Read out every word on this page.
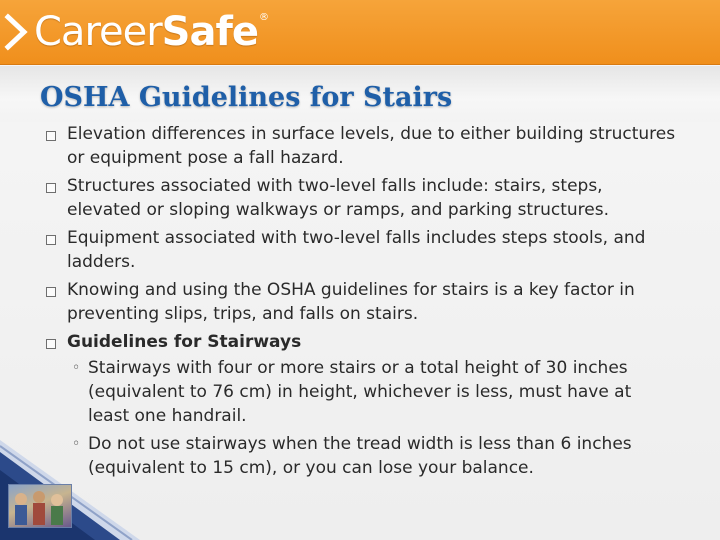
Career Safe ®
OSHA Guidelines for Stairs
Elevation differences in surface levels, due to either building structures or equipment pose a fall hazard.
Structures associated with two-level falls include: stairs, steps, elevated or sloping walkways or ramps, and parking structures.
Equipment associated with two-level falls includes steps stools, and ladders.
Knowing and using the OSHA guidelines for stairs is a key factor in preventing slips, trips, and falls on stairs.
Guidelines for Stairways
◦ Stairways with four or more stairs or a total height of 30 inches (equivalent to 76 cm) in height, whichever is less, must have at least one handrail.
◦ Do not use stairways when the tread width is less than 6 inches (equivalent to 15 cm), or you can lose your balance.
